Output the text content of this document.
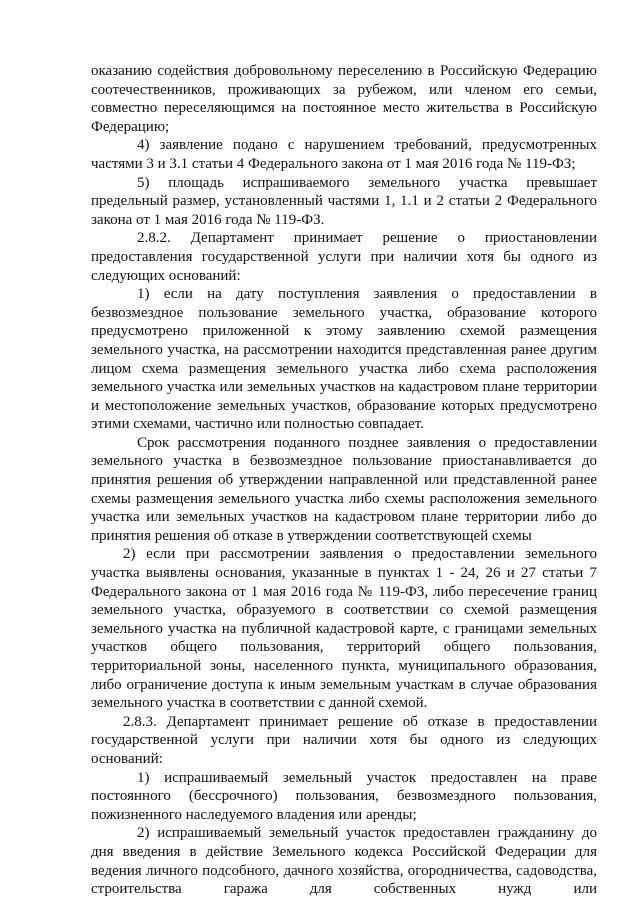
оказанию содействия добровольному переселению в Российскую Федерацию соотечественников, проживающих за рубежом, или членом его семьи, совместно переселяющимся на постоянное место жительства в Российскую Федерацию;

4) заявление подано с нарушением требований, предусмотренных частями 3 и 3.1 статьи 4 Федерального закона от 1 мая 2016 года № 119-ФЗ;

5) площадь испрашиваемого земельного участка превышает предельный размер, установленный частями 1, 1.1 и 2 статьи 2 Федерального закона от 1 мая 2016 года № 119-ФЗ.

2.8.2. Департамент принимает решение о приостановлении предоставления государственной услуги при наличии хотя бы одного из следующих оснований:

1) если на дату поступления заявления о предоставлении в безвозмездное пользование земельного участка, образование которого предусмотрено приложенной к этому заявлению схемой размещения земельного участка, на рассмотрении находится представленная ранее другим лицом схема размещения земельного участка либо схема расположения земельного участка или земельных участков на кадастровом плане территории и местоположение земельных участков, образование которых предусмотрено этими схемами, частично или полностью совпадает.

Срок рассмотрения поданного позднее заявления о предоставлении земельного участка в безвозмездное пользование приостанавливается до принятия решения об утверждении направленной или представленной ранее схемы размещения земельного участка либо схемы расположения земельного участка или земельных участков на кадастровом плане территории либо до принятия решения об отказе в утверждении соответствующей схемы

2) если при рассмотрении заявления о предоставлении земельного участка выявлены основания, указанные в пунктах 1 - 24, 26 и 27 статьи 7 Федерального закона от 1 мая 2016 года № 119-ФЗ, либо пересечение границ земельного участка, образуемого в соответствии со схемой размещения земельного участка на публичной кадастровой карте, с границами земельных участков общего пользования, территорий общего пользования, территориальной зоны, населенного пункта, муниципального образования, либо ограничение доступа к иным земельным участкам в случае образования земельного участка в соответствии с данной схемой.

2.8.3. Департамент принимает решение об отказе в предоставлении государственной услуги при наличии хотя бы одного из следующих оснований:

1) испрашиваемый земельный участок предоставлен на праве постоянного (бессрочного) пользования, безвозмездного пользования, пожизненного наследуемого владения или аренды;

2) испрашиваемый земельный участок предоставлен гражданину до дня введения в действие Земельного кодекса Российской Федерации для ведения личного подсобного, дачного хозяйства, огородничества, садоводства, строительства гаража для собственных нужд или
